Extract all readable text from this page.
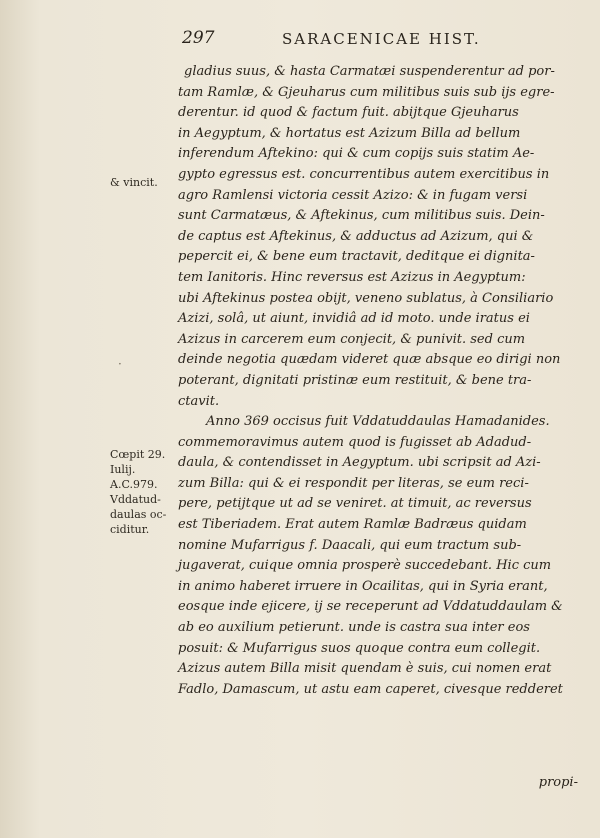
297	SARACENICAE HIST.
& vincit.
·
Cœpit 29.
Iulij.
A.C.979.
Vddatud-
daulas oc-
ciditur.
gladius suus, & hasta Carmatæi suspenderentur ad por-
tam Ramlæ, & Gjeuharus cum militibus suis sub ijs egre-
derentur. id quod & factum fuit. abijtque Gjeuharus
in Aegyptum, & hortatus est Azizum Billa ad bellum
inferendum Aftekino: qui & cum copijs suis statim Ae-
gypto egressus est. concurrentibus autem exercitibus in
agro Ramlensi victoria cessit Azizo: & in fugam versi
sunt Carmatæus, & Aftekinus, cum militibus suis. Dein-
de captus est Aftekinus, & adductus ad Azizum, qui &
pepercit ei, & bene eum tractavit, deditque ei dignita-
tem Ianitoris. Hinc reversus est Azizus in Aegyptum:
ubi Aftekinus postea obijt, veneno sublatus, à Consiliario
Azizi, solâ, ut aiunt, invidiâ ad id moto. unde iratus ei
Azizus in carcerem eum conjecit, & punivit. sed cum
deinde negotia quædam videret quæ absque eo dirigi non
poterant, dignitati pristinæ eum restituit, & bene tra-
ctavit.
Anno 369 occisus fuit Vddatuddaulas Hamadanides.
commemoravimus autem quod is fugisset ab Adadud-
daula, & contendisset in Aegyptum. ubi scripsit ad Azi-
zum Billa: qui & ei respondit per literas, se eum reci-
pere, petijtque ut ad se veniret. at timuit, ac reversus
est Tiberiadem. Erat autem Ramlæ Badræus quidam
nomine Mufarrigus f. Daacali, qui eum tractum sub-
jugaverat, cuique omnia prosperè succedebant. Hic cum
in animo haberet irruere in Ocailitas, qui in Syria erant,
eosque inde ejicere, ij se receperunt ad Vddatuddaulam &
ab eo auxilium petierunt. unde is castra sua inter eos
posuit: & Mufarrigus suos quoque contra eum collegit.
Azizus autem Billa misit quendam è suis, cui nomen erat
Fadlo, Damascum, ut astu eam caperet, civesque redderet
propi-
